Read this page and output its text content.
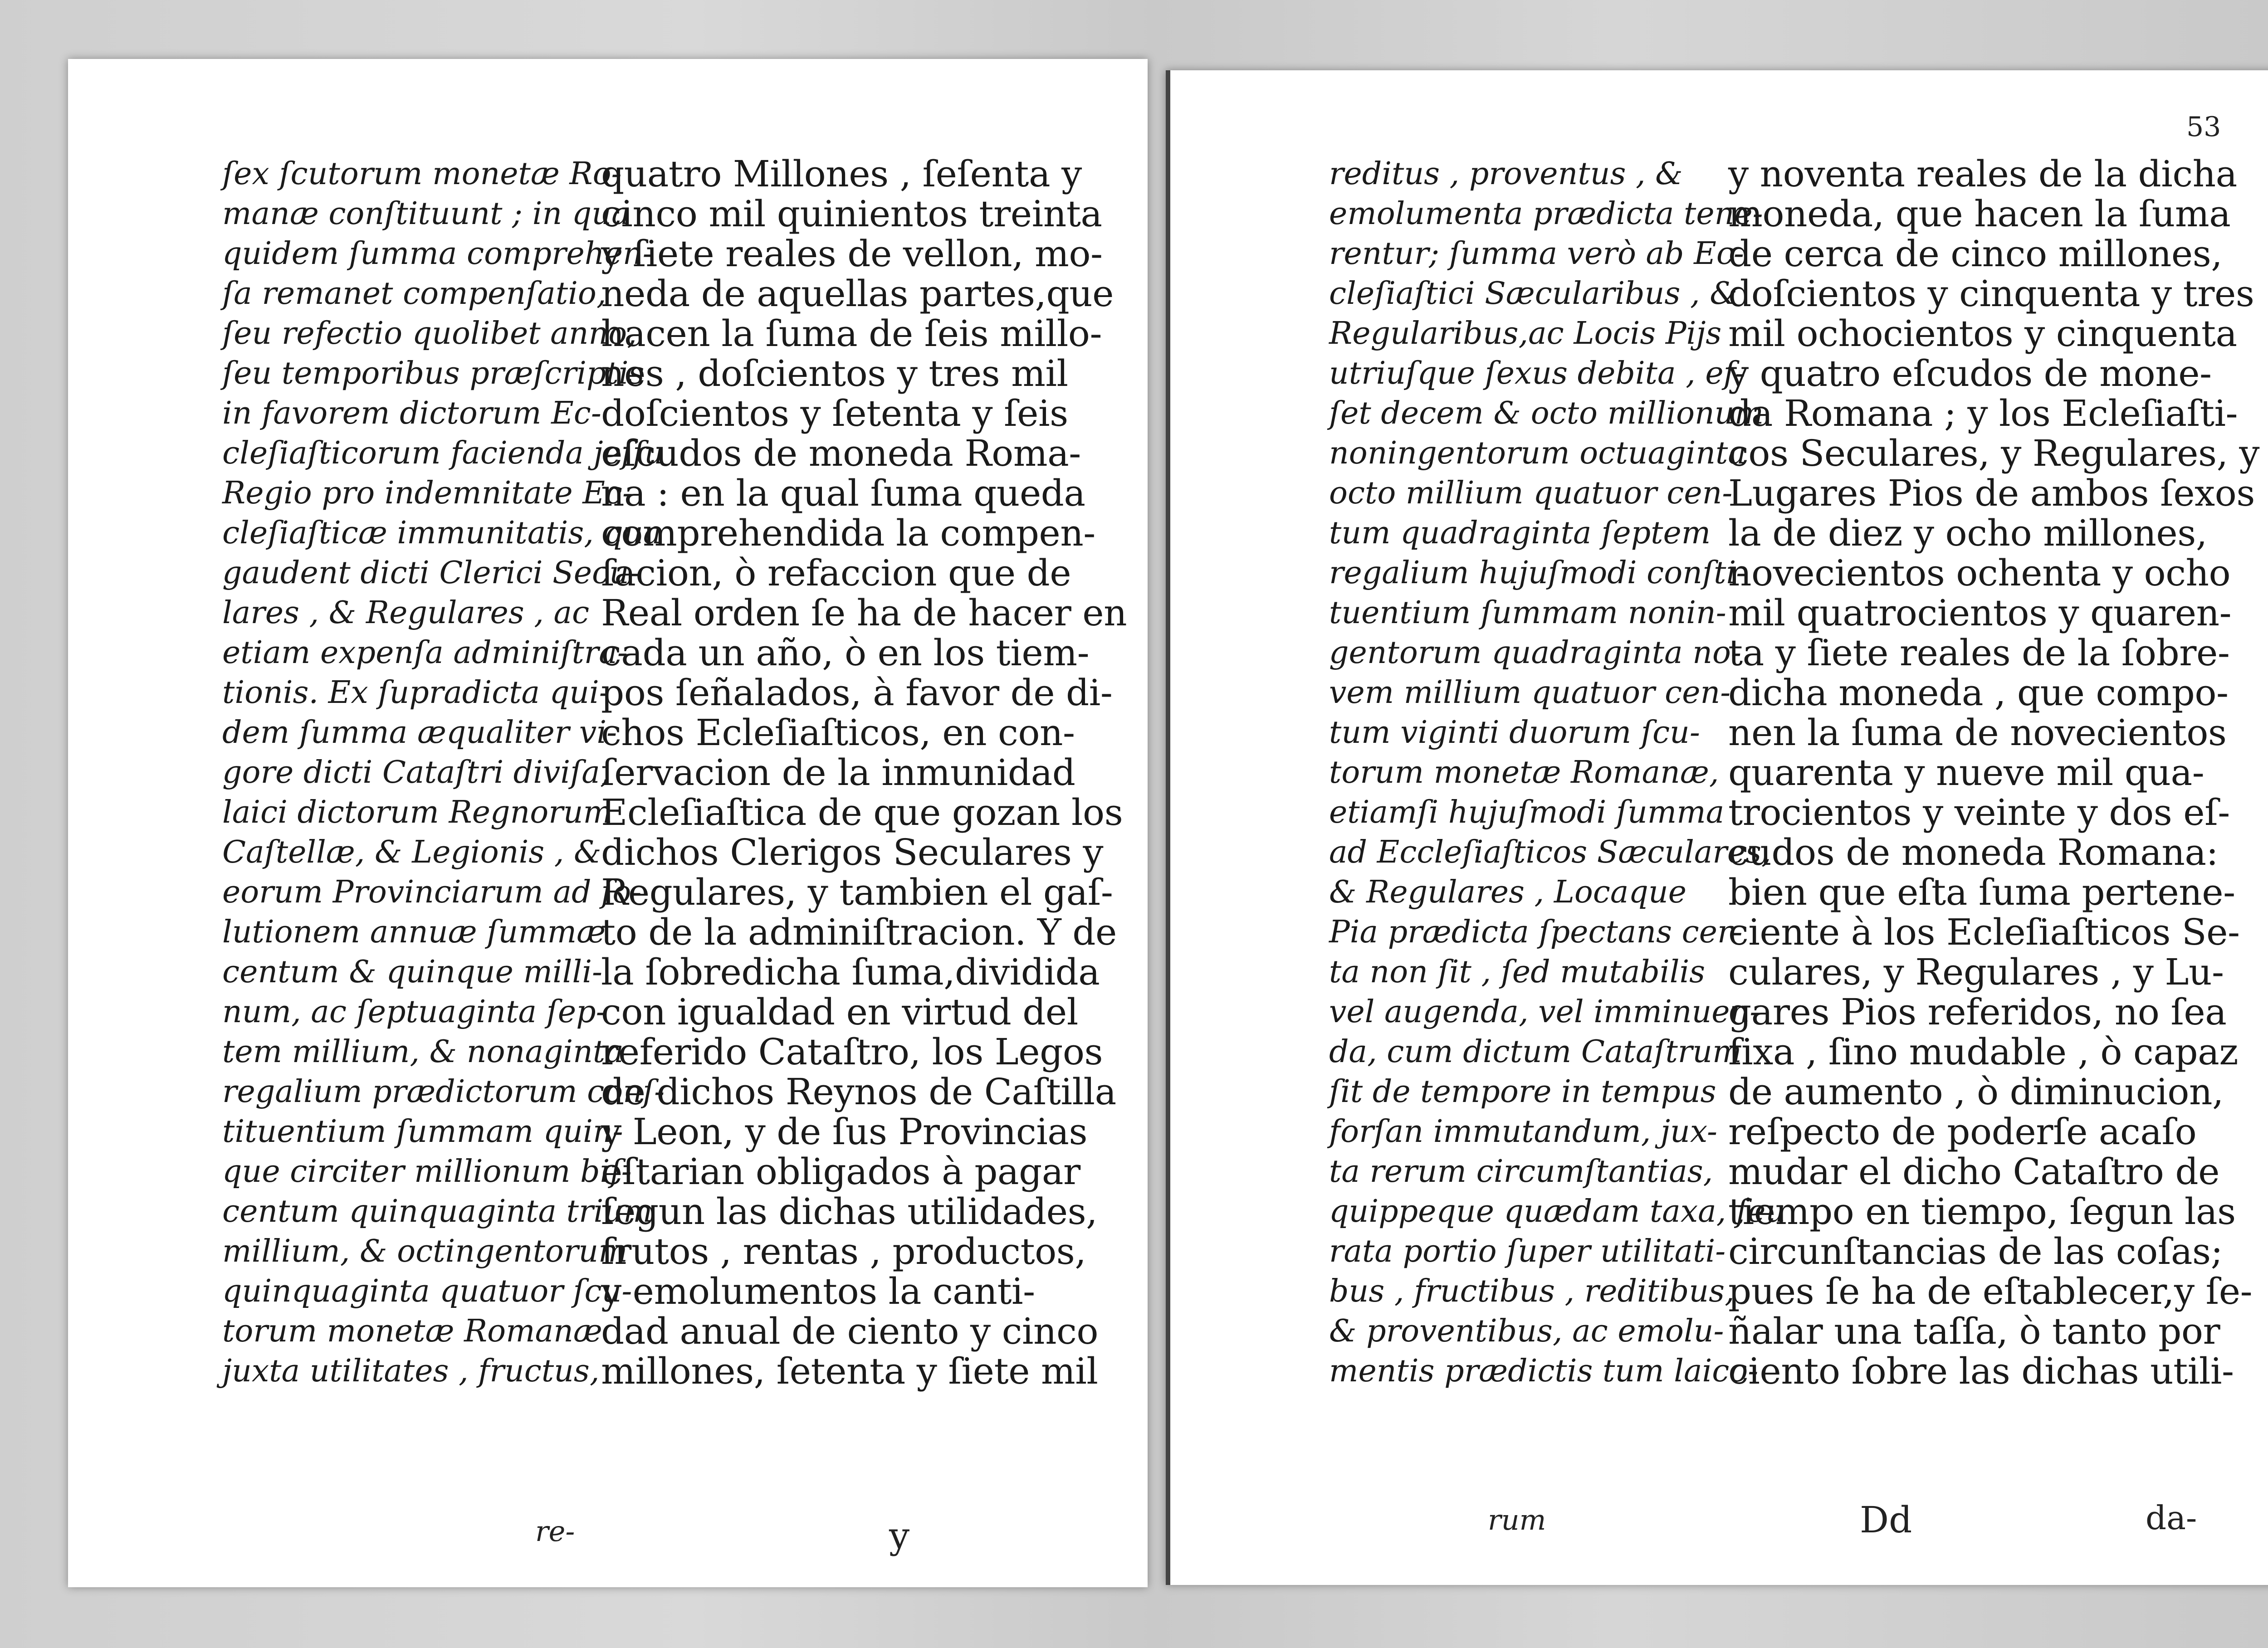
ſex ſcutorum monetæ Ro-
manæ conſtituunt ; in qua
quidem ſumma comprehen-
ſa remanet compenſatio,
ſeu refectio quolibet anno,
ſeu temporibus præſcriptis
in favorem dictorum Ec-
cleſiaſticorum facienda jeſſu
Regio pro indemnitate Ec-
cleſiaſticæ immunitatis, qua
gaudent dicti Clerici Secu-
lares , & Regulares , ac
etiam expenſa adminiſtra-
tionis. Ex ſupradicta qui-
dem ſumma æqualiter vi-
gore dicti Cataſtri diviſa,
laici dictorum Regnorum
Caſtellæ, & Legionis , &
eorum Provinciarum ad ſo-
lutionem annuæ ſummæ
centum & quinque milli-
num, ac ſeptuaginta ſep-
tem millium, & nonaginta
regalium prædictorum conſ-
tituentium ſummam quin-
que circiter millionum biſ-
centum quinquaginta trium
millium, & octingentorum
quinquaginta quatuor ſcu-
torum monetæ Romanæ
juxta utilitates , fructus,
quatro Millones , ſeſenta y
cinco mil quinientos treinta
y ſiete reales de vellon, mo-
neda de aquellas partes,que
hacen la ſuma de ſeis millo-
nes , doſcientos y tres mil
doſcientos y ſetenta y ſeis
eſcudos de moneda Roma-
na : en la qual ſuma queda
comprehendida la compen-
ſacion, ò refaccion que de
Real orden ſe ha de hacer en
cada un año, ò en los tiem-
pos ſeñalados, à favor de di-
chos Ecleſiaſticos, en con-
ſervacion de la inmunidad
Ecleſiaſtica de que gozan los
dichos Clerigos Seculares y
Regulares, y tambien el gaſ-
to de la adminiſtracion. Y de
la ſobredicha ſuma,dividida
con igualdad en virtud del
referido Cataſtro, los Legos
de dichos Reynos de Caſtilla
y Leon, y de ſus Provincias
eſtarian obligados à pagar
ſegun las dichas utilidades,
frutos , rentas , productos,
y emolumentos la canti-
dad anual de ciento y cinco
millones, ſetenta y ſiete mil
re-	y
53
reditus , proventus , &
emolumenta prædicta tene-
rentur; ſumma verò ab Ec-
cleſiaſtici Sæcularibus , &
Regularibus,ac Locis Pijs
utriuſque ſexus debita , eſ-
ſet decem & octo millionum
noningentorum octuaginta
octo millium quatuor cen-
tum quadraginta ſeptem
regalium hujuſmodi conſti-
tuentium ſummam nonin-
gentorum quadraginta no-
vem millium quatuor cen-
tum viginti duorum ſcu-
torum monetæ Romanæ,
etiamſi hujuſmodi ſumma
ad Eccleſiaſticos Sæculares,
& Regulares , Locaque
Pia prædicta ſpectans cer-
ta non ſit , ſed mutabilis
vel augenda, vel imminuen-
da, cum dictum Cataſtrum
ſit de tempore in tempus
forſan immutandum, jux-
ta rerum circumſtantias,
quippeque quædam taxa, ſeu
rata portio ſuper utilitati-
bus , fructibus , reditibus,
& proventibus, ac emolu-
mentis prædictis tum laico-
y noventa reales de la dicha
moneda, que hacen la ſuma
de cerca de cinco millones,
doſcientos y cinquenta y tres
mil ochocientos y cinquenta
y quatro eſcudos de mone-
da Romana ; y los Ecleſiaſti-
cos Seculares, y Regulares, y
Lugares Pios de ambos ſexos
la de diez y ocho millones,
novecientos ochenta y ocho
mil quatrocientos y quaren-
ta y ſiete reales de la ſobre-
dicha moneda , que compo-
nen la ſuma de novecientos
quarenta y nueve mil qua-
trocientos y veinte y dos eſ-
cudos de moneda Romana:
bien que eſta ſuma pertene-
ciente à los Ecleſiaſticos Se-
culares, y Regulares , y Lu-
gares Pios referidos, no ſea
fixa , ſino mudable , ò capaz
de aumento , ò diminucion,
reſpecto de poderſe acaſo
mudar el dicho Cataſtro de
tiempo en tiempo, ſegun las
circunſtancias de las coſas;
pues ſe ha de eſtablecer,y ſe-
ñalar una taſſa, ò tanto por
ciento ſobre las dichas utili-
rum	Dd	da-
